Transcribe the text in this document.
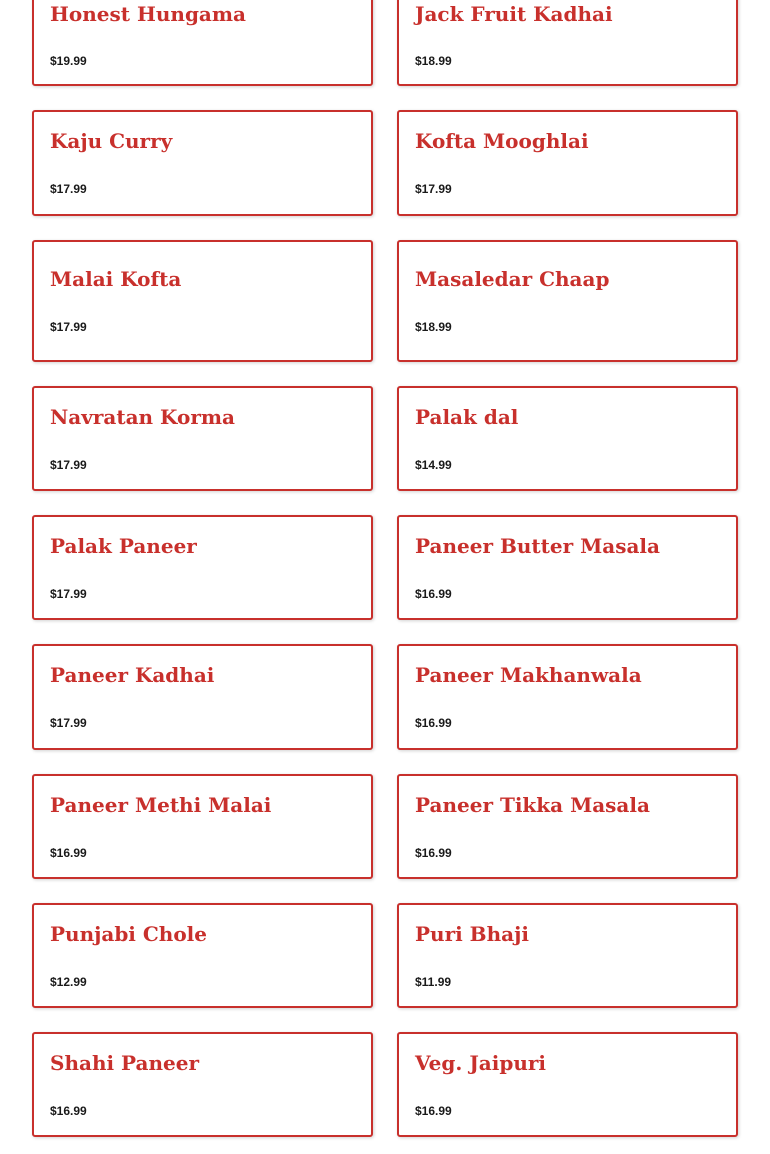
Honest Hungama
$19.99
Jack Fruit Kadhai
$18.99
Kaju Curry
$17.99
Kofta Mooghlai
$17.99
Malai Kofta
$17.99
Masaledar Chaap
$18.99
Navratan Korma
$17.99
Palak dal
$14.99
Palak Paneer
$17.99
Paneer Butter Masala
$16.99
Paneer Kadhai
$17.99
Paneer Makhanwala
$16.99
Paneer Methi Malai
$16.99
Paneer Tikka Masala
$16.99
Punjabi Chole
$12.99
Puri Bhaji
$11.99
Shahi Paneer
$16.99
Veg. Jaipuri
$16.99
